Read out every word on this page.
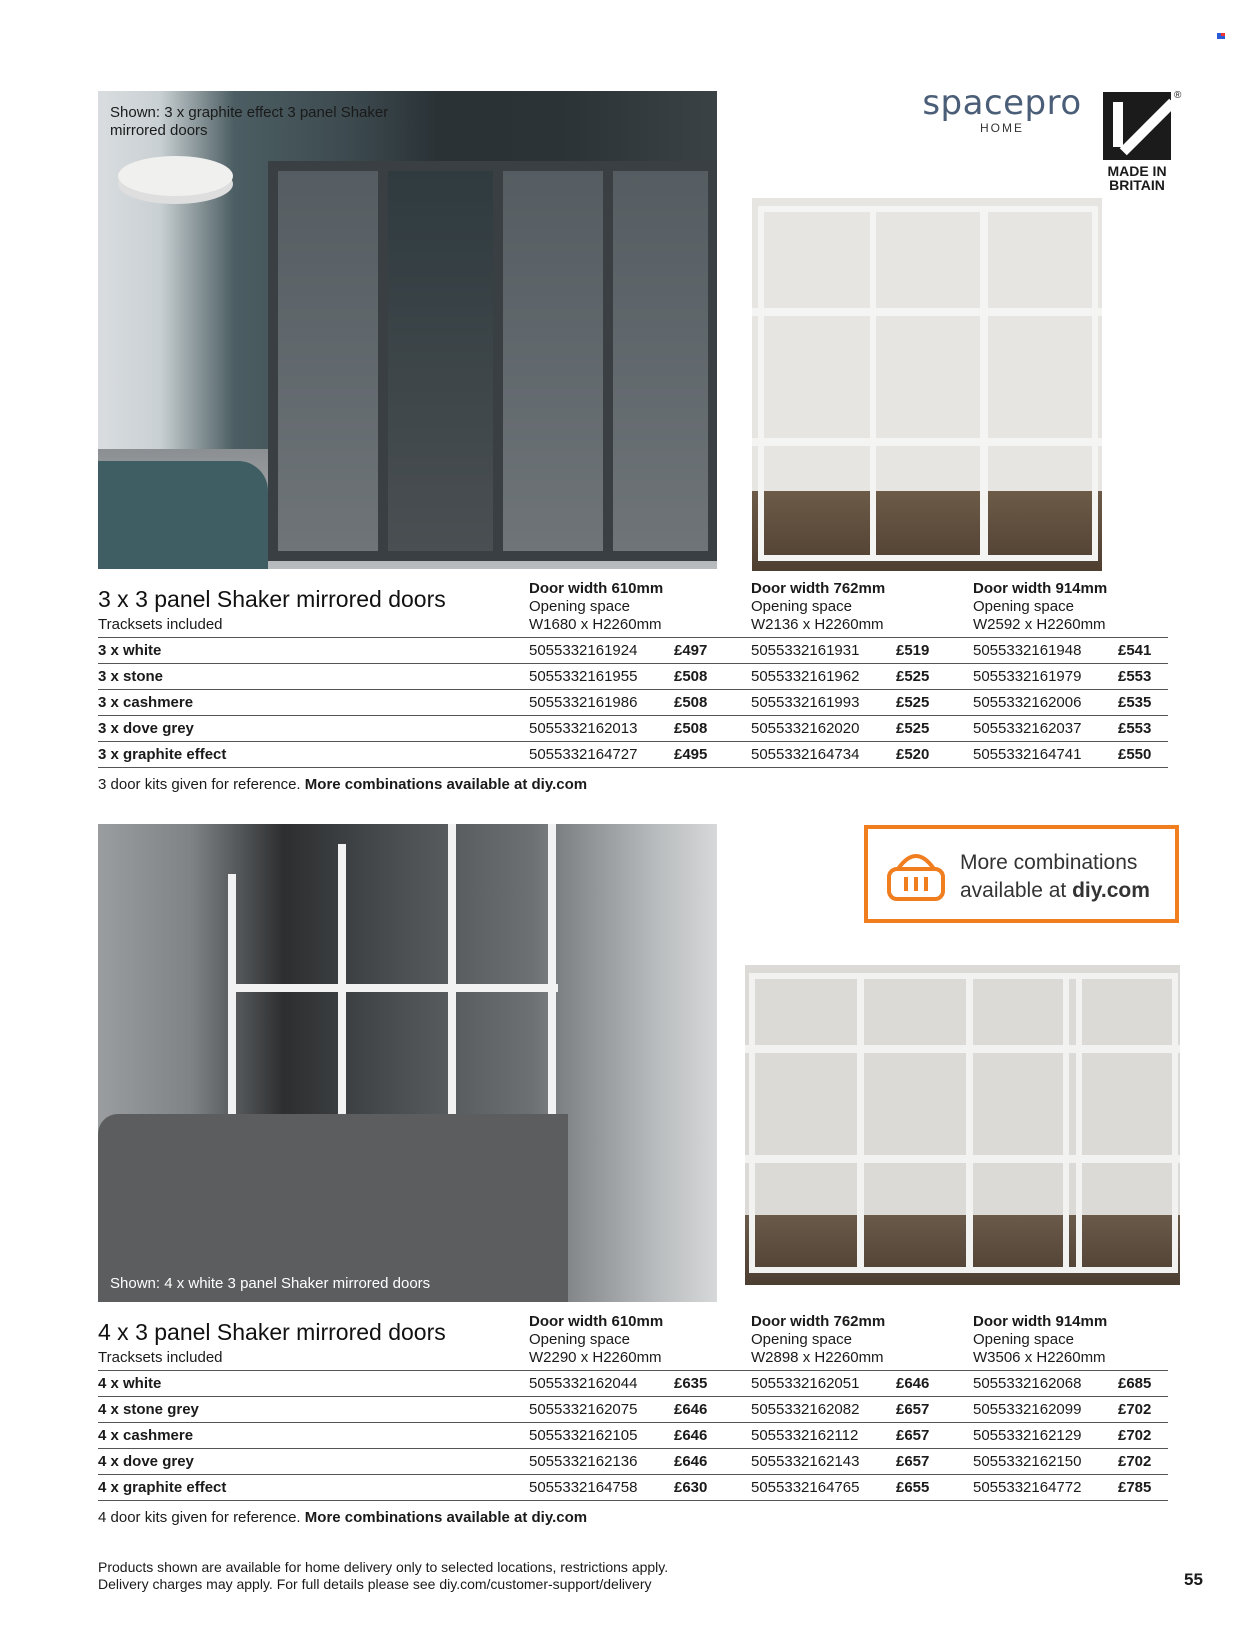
Shown: 3 x graphite effect 3 panel Shaker mirrored doors
spacepro
HOME
MADE IN
BRITAIN
®
3 x 3 panel Shaker mirrored doors
Tracksets included
Door width 610mm
Opening space
W1680 x H2260mm
Door width 762mm
Opening space
W2136 x H2260mm
Door width 914mm
Opening space
W2592 x H2260mm
3 x white	5055332161924	£497	5055332161931	£519	5055332161948	£541
3 x stone	5055332161955	£508	5055332161962	£525	5055332161979	£553
3 x cashmere	5055332161986	£508	5055332161993	£525	5055332162006	£535
3 x dove grey	5055332162013	£508	5055332162020	£525	5055332162037	£553
3 x graphite effect	5055332164727	£495	5055332164734	£520	5055332164741	£550
3 door kits given for reference. More combinations available at diy.com
Shown: 4 x white 3 panel Shaker mirrored doors
More combinations
available at diy.com
4 x 3 panel Shaker mirrored doors
Tracksets included
Door width 610mm
Opening space
W2290 x H2260mm
Door width 762mm
Opening space
W2898 x H2260mm
Door width 914mm
Opening space
W3506 x H2260mm
4 x white	5055332162044	£635	5055332162051	£646	5055332162068	£685
4 x stone grey	5055332162075	£646	5055332162082	£657	5055332162099	£702
4 x cashmere	5055332162105	£646	5055332162112	£657	5055332162129	£702
4 x dove grey	5055332162136	£646	5055332162143	£657	5055332162150	£702
4 x graphite effect	5055332164758	£630	5055332164765	£655	5055332164772	£785
4 door kits given for reference. More combinations available at diy.com
Products shown are available for home delivery only to selected locations, restrictions apply.
Delivery charges may apply. For full details please see diy.com/customer-support/delivery	55
